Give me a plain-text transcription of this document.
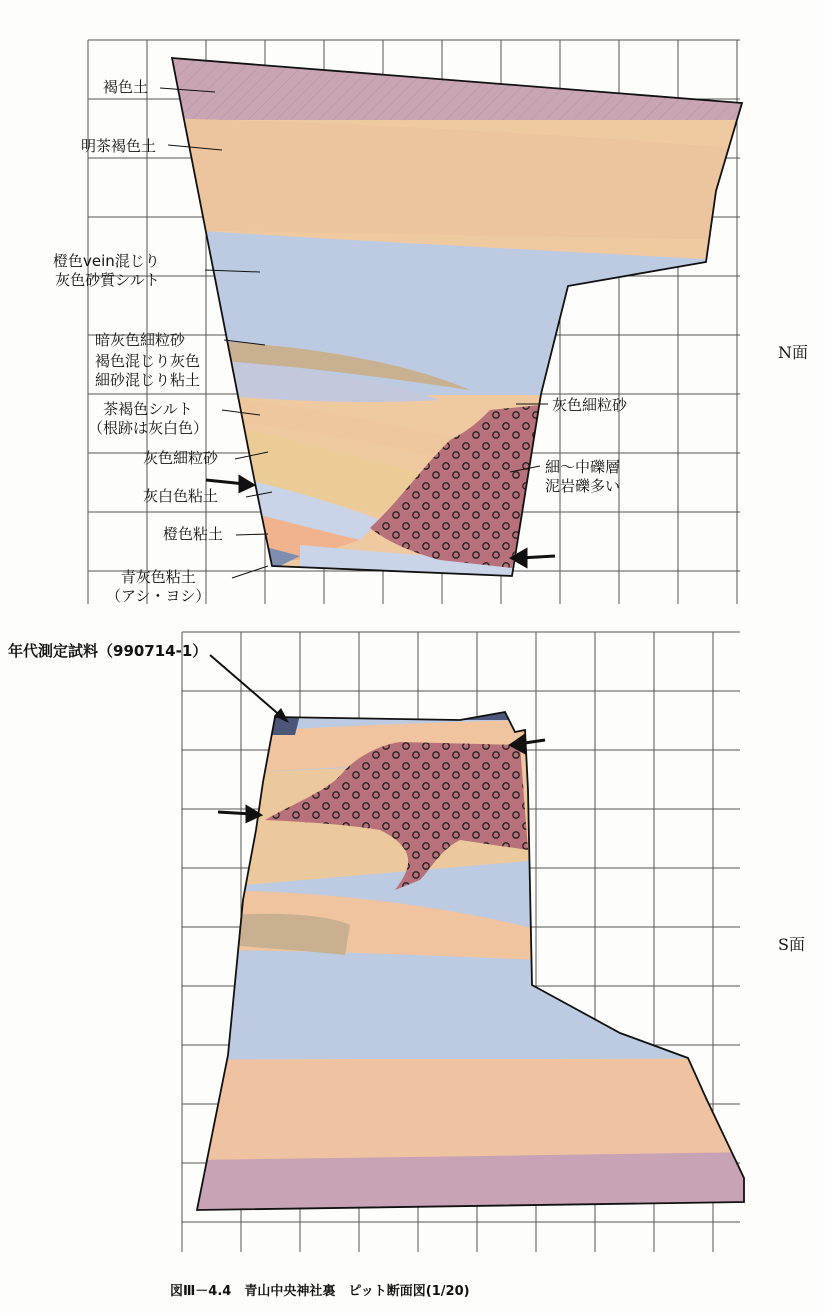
褐色土
明茶褐色土
橙色vein混じり
灰色砂質シルト
暗灰色細粒砂
褐色混じり灰色
細砂混じり粘土
茶褐色シルト
（根跡は灰白色）
灰色細粒砂
灰白色粘土
橙色粘土
青灰色粘土
（アシ・ヨシ）
灰色細粒砂
細～中礫層
泥岩礫多い
N面
S面
年代測定試料（990714-1）
図Ⅲ－4.4　青山中央神社裏　ピット断面図(1/20)
